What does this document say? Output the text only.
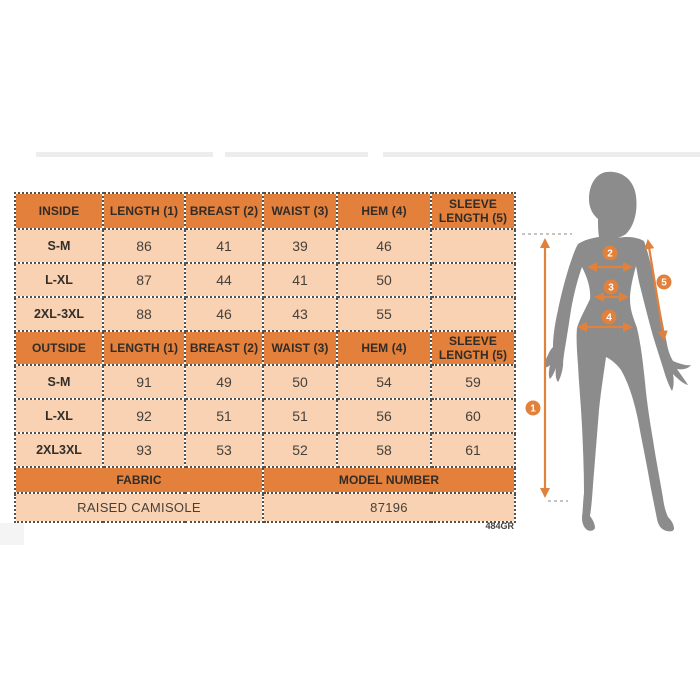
INSIDE	LENGTH (1)	BREAST (2)	WAIST (3)	HEM (4)	SLEEVE LENGTH (5)
S-M	86	41	39	46	
L-XL	87	44	41	50	
2XL-3XL	88	46	43	55	
OUTSIDE	LENGTH (1)	BREAST (2)	WAIST (3)	HEM (4)	SLEEVE LENGTH (5)
S-M	91	49	50	54	59
L-XL	92	51	51	56	60
2XL3XL	93	53	52	58	61
FABRIC			MODEL NUMBER		
RAISED CAMISOLE			87196		
484GR
1
2
3
4
5
